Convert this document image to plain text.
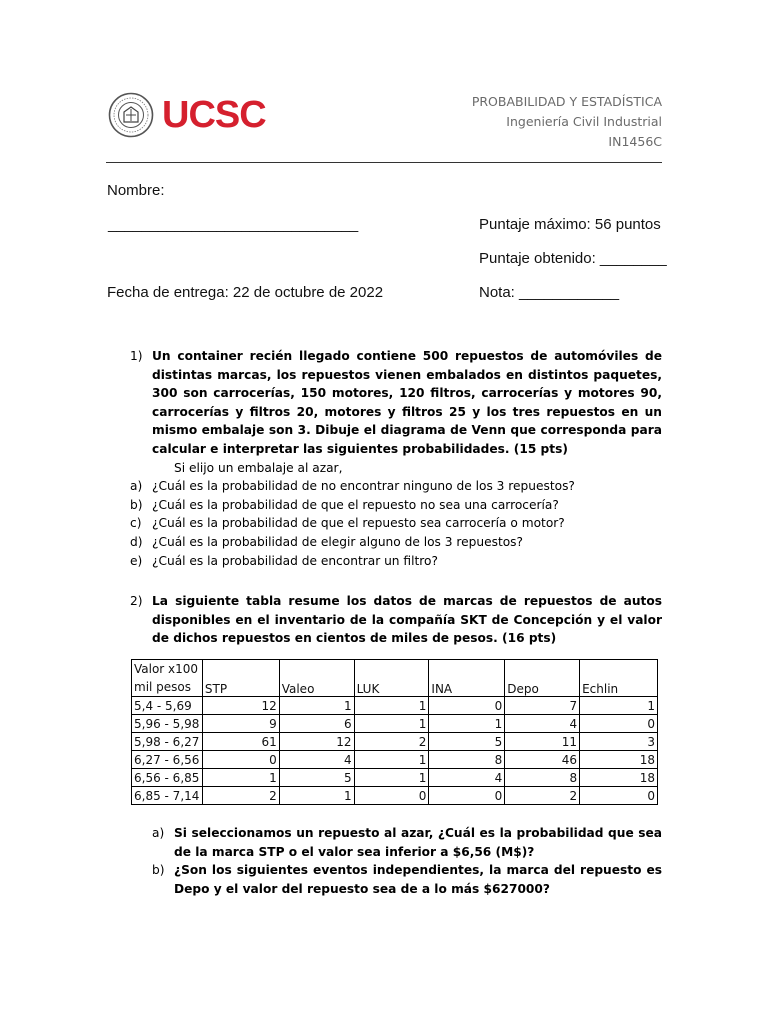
UCSC	PROBABILIDAD Y ESTADÍSTICA
Ingeniería Civil Industrial
IN1456C
Nombre:
______________________________	Puntaje máximo: 56 puntos
Puntaje obtenido: ________
Fecha de entrega: 22 de octubre de 2022	Nota: ____________
1) Un container recién llegado contiene 500 repuestos de automóviles de distintas marcas, los repuestos vienen embalados en distintos paquetes, 300 son carrocerías, 150 motores, 120 filtros, carrocerías y motores 90, carrocerías y filtros 20, motores y filtros 25 y los tres repuestos en un mismo embalaje son 3. Dibuje el diagrama de Venn que corresponda para calcular e interpretar las siguientes probabilidades. (15 pts)
Si elijo un embalaje al azar,
a) ¿Cuál es la probabilidad de no encontrar ninguno de los 3 repuestos?
b) ¿Cuál es la probabilidad de que el repuesto no sea una carrocería?
c) ¿Cuál es la probabilidad de que el repuesto sea carrocería o motor?
d) ¿Cuál es la probabilidad de elegir alguno de los 3 repuestos?
e) ¿Cuál es la probabilidad de encontrar un filtro?
2) La siguiente tabla resume los datos de marcas de repuestos de autos disponibles en el inventario de la compañía SKT de Concepción y el valor de dichos repuestos en cientos de miles de pesos. (16 pts)
Valor x100
mil pesos	STP	Valeo	LUK	INA	Depo	Echlin
5,4 - 5,69	12	1	1	0	7	1
5,96 - 5,98	9	6	1	1	4	0
5,98 - 6,27	61	12	2	5	11	3
6,27 - 6,56	0	4	1	8	46	18
6,56 - 6,85	1	5	1	4	8	18
6,85 - 7,14	2	1	0	0	2	0
a) Si seleccionamos un repuesto al azar, ¿Cuál es la probabilidad que sea de la marca STP o el valor sea inferior a $6,56 (M$)?
b) ¿Son los siguientes eventos independientes, la marca del repuesto es Depo y el valor del repuesto sea de a lo más $627000?
